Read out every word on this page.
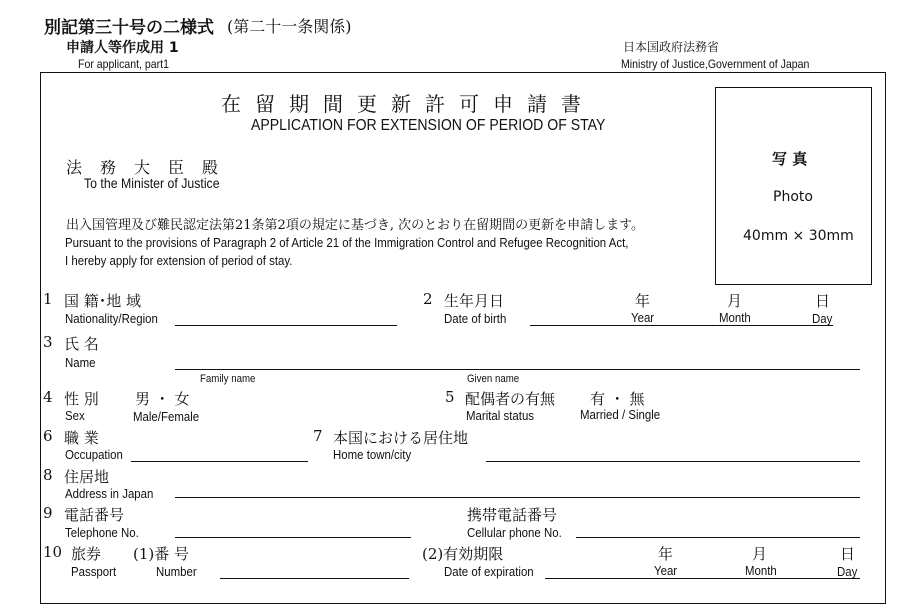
別記第三十号の二様式 (第二十一条関係)
申請人等作成用 1
For applicant, part1
日本国政府法務省
Ministry of Justice,Government of Japan
在留期間更新許可申請書
APPLICATION FOR EXTENSION OF PERIOD OF STAY
写 真
Photo
40mm × 30mm
法務大臣殿
To the Minister of Justice
出入国管理及び難民認定法第21条第2項の規定に基づき, 次のとおり在留期間の更新を申請します。
Pursuant to the provisions of Paragraph 2 of Article 21 of the Immigration Control and Refugee Recognition Act,
I hereby apply for extension of period of stay.
1 国 籍･地 域
Nationality/Region
2 生年月日
Date of birth
年
Year
月
Month
日
Day
3 氏 名
Name
Family name	Given name
4 性 別
Sex
男 ・ 女
Male/Female
5 配偶者の有無
Marital status
有 ・ 無
Married / Single
6 職 業
Occupation
7 本国における居住地
Home town/city
8 住居地
Address in Japan
9 電話番号
Telephone No.
携帯電話番号
Cellular phone No.
10 旅券
Passport
(1)番 号
Number
(2)有効期限
Date of expiration
年
Year
月
Month
日
Day
